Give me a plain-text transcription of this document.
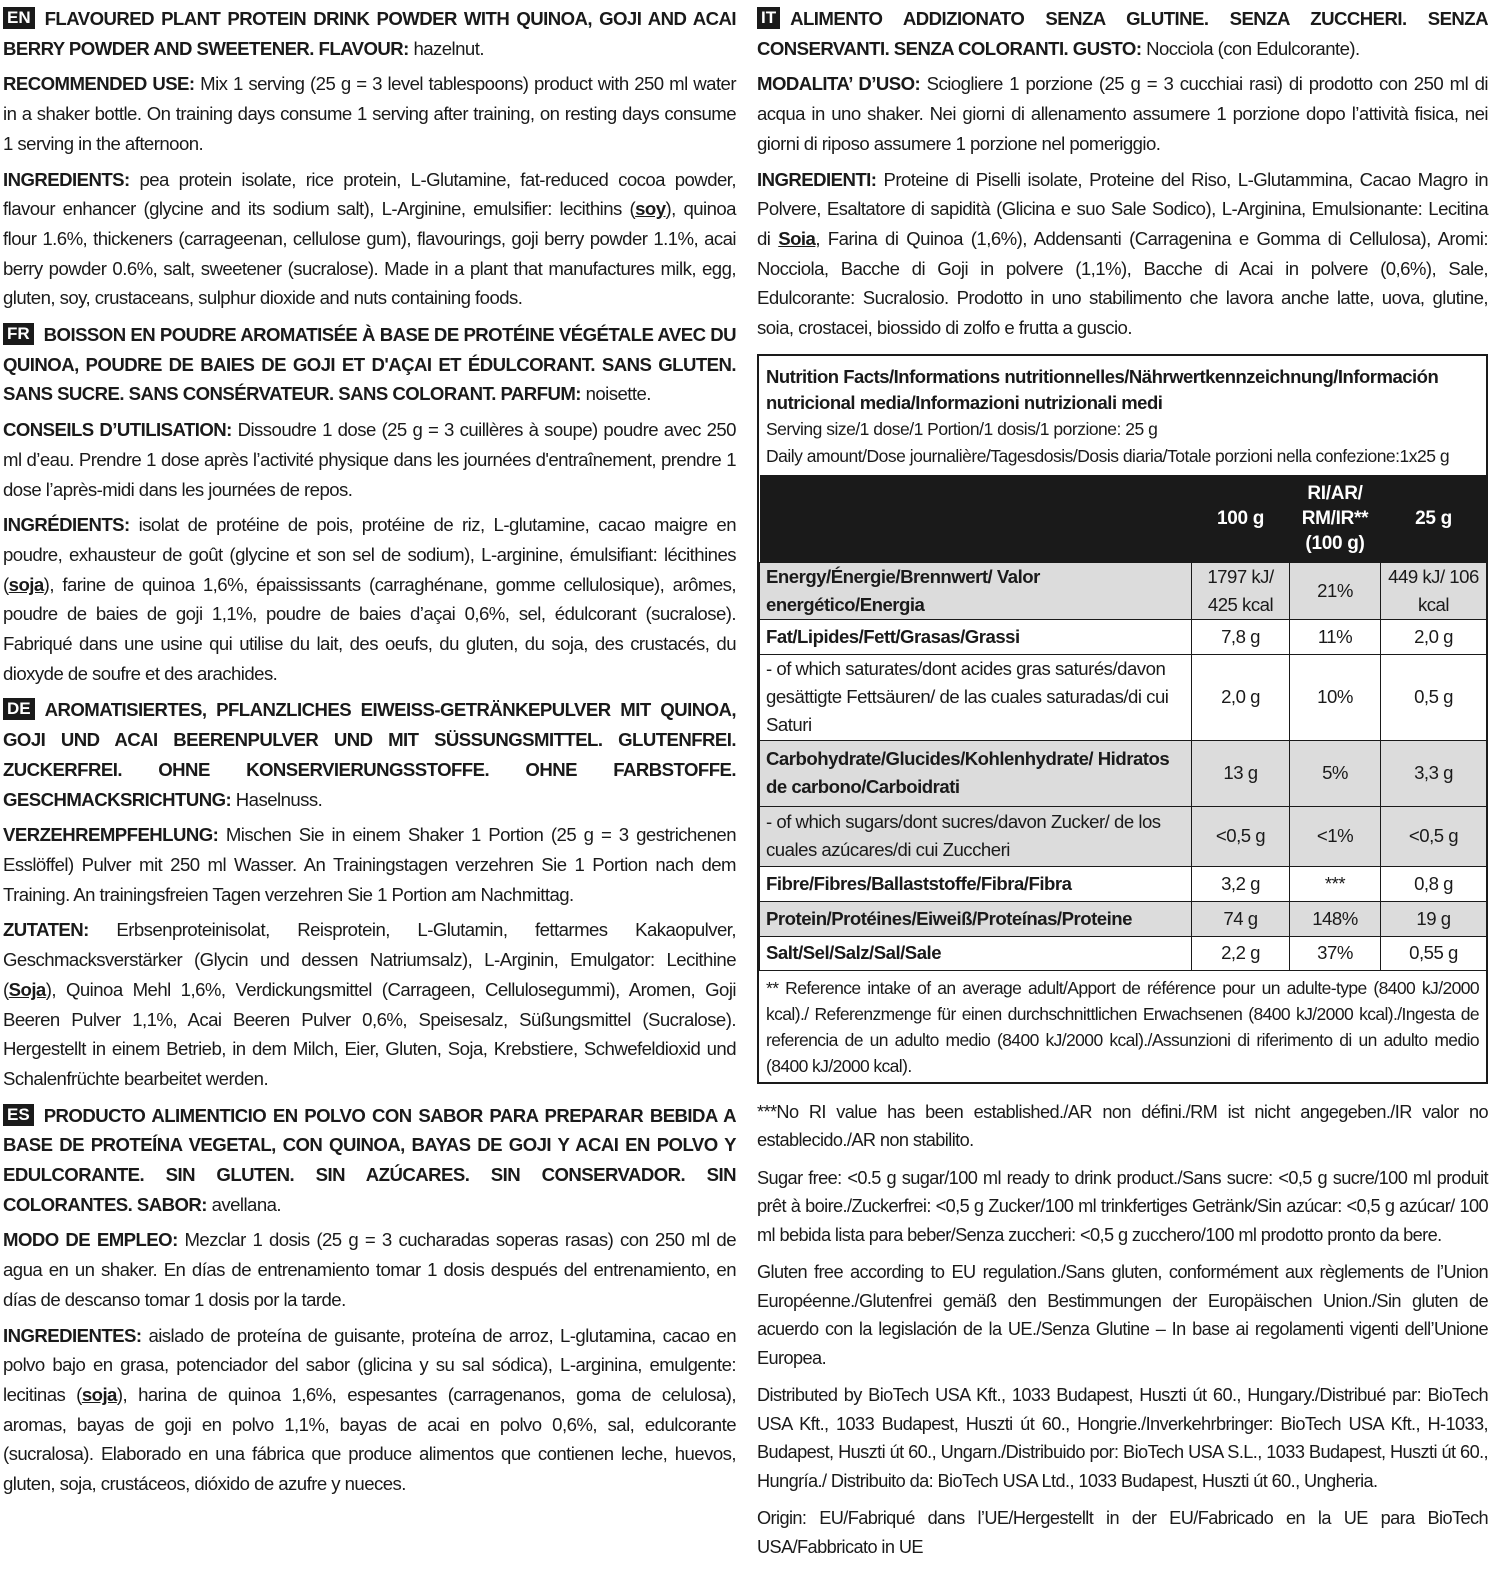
EN FLAVOURED PLANT PROTEIN DRINK POWDER WITH QUINOA, GOJI AND ACAI BERRY POWDER AND SWEETENER. FLAVOUR: hazelnut.

RECOMMENDED USE: Mix 1 serving (25 g = 3 level tablespoons) product with 250 ml water in a shaker bottle. On training days consume 1 serving after training, on resting days consume 1 serving in the afternoon.

INGREDIENTS: pea protein isolate, rice protein, L-Glutamine, fat-reduced cocoa powder, flavour enhancer (glycine and its sodium salt), L-Arginine, emulsifier: lecithins (soy), quinoa flour 1.6%, thickeners (carrageenan, cellulose gum), flavourings, goji berry powder 1.1%, acai berry powder 0.6%, salt, sweetener (sucralose). Made in a plant that manufactures milk, egg, gluten, soy, crustaceans, sulphur dioxide and nuts containing foods.

FR BOISSON EN POUDRE AROMATISÉE À BASE DE PROTÉINE VÉGÉTALE AVEC DU QUINOA, POUDRE DE BAIES DE GOJI ET D'AÇAI ET ÉDULCORANT. SANS GLUTEN. SANS SUCRE. SANS CONSÉRVATEUR. SANS COLORANT. PARFUM: noisette.

CONSEILS D’UTILISATION: Dissoudre 1 dose (25 g = 3 cuillères à soupe) poudre avec 250 ml d’eau. Prendre 1 dose après l’activité physique dans les journées d'entraînement, prendre 1 dose l’après-midi dans les journées de repos.

INGRÉDIENTS: isolat de protéine de pois, protéine de riz, L-glutamine, cacao maigre en poudre, exhausteur de goût (glycine et son sel de sodium), L-arginine, émulsifiant: lécithines (soja), farine de quinoa 1,6%, épaississants (carraghénane, gomme cellulosique), arômes, poudre de baies de goji 1,1%, poudre de baies d’açai 0,6%, sel, édulcorant (sucralose). Fabriqué dans une usine qui utilise du lait, des oeufs, du gluten, du soja, des crustacés, du dioxyde de soufre et des arachides.

DE AROMATISIERTES, PFLANZLICHES EIWEISS-GETRÄNKEPULVER MIT QUINOA, GOJI UND ACAI BEERENPULVER UND MIT SÜSSUNGSMITTEL. GLUTENFREI. ZUCKERFREI. OHNE KONSERVIERUNGSSTOFFE. OHNE FARBSTOFFE. GESCHMACKSRICHTUNG: Haselnuss.

VERZEHREMPFEHLUNG: Mischen Sie in einem Shaker 1 Portion (25 g = 3 gestrichenen Esslöffel) Pulver mit 250 ml Wasser. An Trainingstagen verzehren Sie 1 Portion nach dem Training. An trainingsfreien Tagen verzehren Sie 1 Portion am Nachmittag.

ZUTATEN: Erbsenproteinisolat, Reisprotein, L-Glutamin, fettarmes Kakaopulver, Geschmacksverstärker (Glycin und dessen Natriumsalz), L-Arginin, Emulgator: Lecithine (Soja), Quinoa Mehl 1,6%, Verdickungsmittel (Carrageen, Cellulosegummi), Aromen, Goji Beeren Pulver 1,1%, Acai Beeren Pulver 0,6%, Speisesalz, Süßungsmittel (Sucralose). Hergestellt in einem Betrieb, in dem Milch, Eier, Gluten, Soja, Krebstiere, Schwefeldioxid und Schalenfrüchte bearbeitet werden.

ES PRODUCTO ALIMENTICIO EN POLVO CON SABOR PARA PREPARAR BEBIDA A BASE DE PROTEÍNA VEGETAL, CON QUINOA, BAYAS DE GOJI Y ACAI EN POLVO Y EDULCORANTE. SIN GLUTEN. SIN AZÚCARES. SIN CONSERVADOR. SIN COLORANTES. SABOR: avellana.

MODO DE EMPLEO: Mezclar 1 dosis (25 g = 3 cucharadas soperas rasas) con 250 ml de agua en un shaker. En días de entrenamiento tomar 1 dosis después del entrenamiento, en días de descanso tomar 1 dosis por la tarde.

INGREDIENTES: aislado de proteína de guisante, proteína de arroz, L-glutamina, cacao en polvo bajo en grasa, potenciador del sabor (glicina y su sal sódica), L-arginina, emulgente: lecitinas (soja), harina de quinoa 1,6%, espesantes (carragenanos, goma de celulosa), aromas, bayas de goji en polvo 1,1%, bayas de acai en polvo 0,6%, sal, edulcorante (sucralosa). Elaborado en una fábrica que produce alimentos que contienen leche, huevos, gluten, soja, crustáceos, dióxido de azufre y nueces.

IT ALIMENTO ADDIZIONATO SENZA GLUTINE. SENZA ZUCCHERI. SENZA CONSERVANTI. SENZA COLORANTI. GUSTO: Nocciola (con Edulcorante).

MODALITA’ D’USO: Sciogliere 1 porzione (25 g = 3 cucchiai rasi) di prodotto con 250 ml di acqua in uno shaker. Nei giorni di allenamento assumere 1 porzione dopo l’attività fisica, nei giorni di riposo assumere 1 porzione nel pomeriggio.

INGREDIENTI: Proteine di Piselli isolate, Proteine del Riso, L-Glutammina, Cacao Magro in Polvere, Esaltatore di sapidità (Glicina e suo Sale Sodico), L-Arginina, Emulsionante: Lecitina di Soia, Farina di Quinoa (1,6%), Addensanti (Carragenina e Gomma di Cellulosa), Aromi: Nocciola, Bacche di Goji in polvere (1,1%), Bacche di Acai in polvere (0,6%), Sale, Edulcorante: Sucralosio. Prodotto in uno stabilimento che lavora anche latte, uova, glutine, soia, crostacei, biossido di zolfo e frutta a guscio.

Nutrition Facts/Informations nutritionnelles/Nährwertkennzeichnung/Información nutricional media/Informazioni nutrizionali medi
Serving size/1 dose/1 Portion/1 dosis/1 porzione: 25 g
Daily amount/Dose journalière/Tagesdosis/Dosis diaria/Totale porzioni nella confezione:1x25 g
	100 g	RI/AR/ RM/IR** (100 g)	25 g
Energy/Énergie/Brennwert/ Valor energético/Energia	1797 kJ/ 425 kcal	21%	449 kJ/ 106 kcal
Fat/Lipides/Fett/Grasas/Grassi	7,8 g	11%	2,0 g
- of which saturates/dont acides gras saturés/davon gesättigte Fettsäuren/ de las cuales saturadas/di cui Saturi	2,0 g	10%	0,5 g
Carbohydrate/Glucides/Kohlenhydrate/ Hidratos de carbono/Carboidrati	13 g	5%	3,3 g
- of which sugars/dont sucres/davon Zucker/ de los cuales azúcares/di cui Zuccheri	<0,5 g	<1%	<0,5 g
Fibre/Fibres/Ballaststoffe/Fibra/Fibra	3,2 g	***	0,8 g
Protein/Protéines/Eiweiß/Proteínas/Proteine	74 g	148%	19 g
Salt/Sel/Salz/Sal/Sale	2,2 g	37%	0,55 g
** Reference intake of an average adult/Apport de référence pour un adulte-type (8400 kJ/2000 kcal)./ Referenzmenge für einen durchschnittlichen Erwachsenen (8400 kJ/2000 kcal)./Ingesta de referencia de un adulto medio (8400 kJ/2000 kcal)./Assunzioni di riferimento di un adulto medio (8400 kJ/2000 kcal).

***No RI value has been established./AR non défini./RM ist nicht angegeben./IR valor no establecido./AR non stabilito.

Sugar free: <0.5 g sugar/100 ml ready to drink product./Sans sucre: <0,5 g sucre/100 ml produit prêt à boire./Zuckerfrei: <0,5 g Zucker/100 ml trinkfertiges Getränk/Sin azúcar: <0,5 g azúcar/ 100 ml bebida lista para beber/Senza zuccheri: <0,5 g zucchero/100 ml prodotto pronto da bere.

Gluten free according to EU regulation./Sans gluten, conformément aux règlements de l’Union Européenne./Glutenfrei gemäß den Bestimmungen der Europäischen Union./Sin gluten de acuerdo con la legislación de la UE./Senza Glutine – In base ai regolamenti vigenti dell’Unione Europea.

Distributed by BioTech USA Kft., 1033 Budapest, Huszti út 60., Hungary./Distribué par: BioTech USA Kft., 1033 Budapest, Huszti út 60., Hongrie./Inverkehrbringer: BioTech USA Kft., H-1033, Budapest, Huszti út 60., Ungarn./Distribuido por: BioTech USA S.L., 1033 Budapest, Huszti út 60., Hungría./ Distribuito da: BioTech USA Ltd., 1033 Budapest, Huszti út 60., Ungheria.

Origin: EU/Fabriqué dans l’UE/Hergestellt in der EU/Fabricado en la UE para BioTech USA/Fabbricato in UE
